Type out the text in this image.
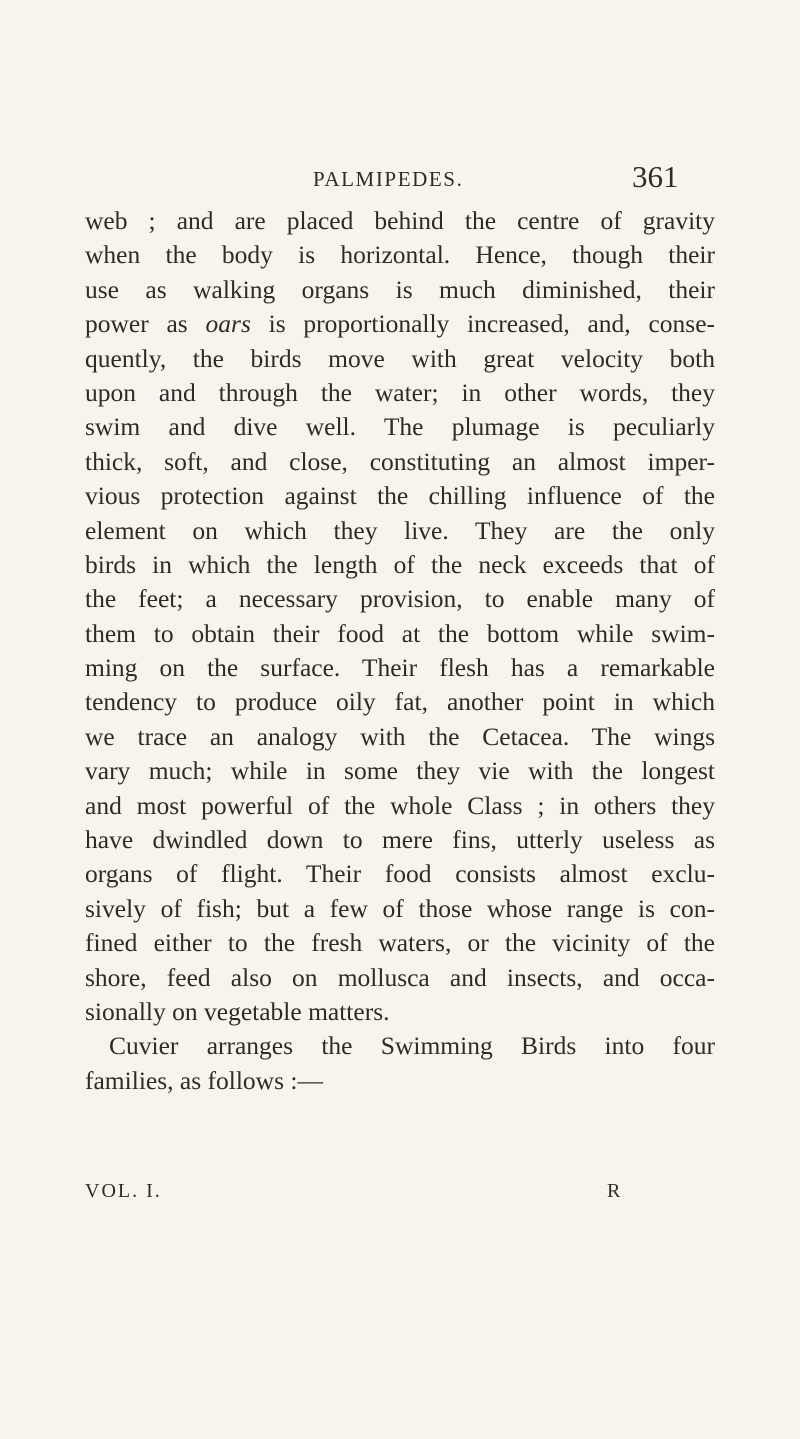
PALMIPEDES.	361
web ; and are placed behind the centre of gravity
when the body is horizontal. Hence, though their
use as walking organs is much diminished, their
power as oars is proportionally increased, and, conse-
quently, the birds move with great velocity both
upon and through the water; in other words, they
swim and dive well. The plumage is peculiarly
thick, soft, and close, constituting an almost imper-
vious protection against the chilling influence of the
element on which they live. They are the only
birds in which the length of the neck exceeds that of
the feet; a necessary provision, to enable many of
them to obtain their food at the bottom while swim-
ming on the surface. Their flesh has a remarkable
tendency to produce oily fat, another point in which
we trace an analogy with the Cetacea. The wings
vary much; while in some they vie with the longest
and most powerful of the whole Class ; in others they
have dwindled down to mere fins, utterly useless as
organs of flight. Their food consists almost exclu-
sively of fish; but a few of those whose range is con-
fined either to the fresh waters, or the vicinity of the
shore, feed also on mollusca and insects, and occa-
sionally on vegetable matters.
Cuvier arranges the Swimming Birds into four
families, as follows :—
VOL. I.	R
